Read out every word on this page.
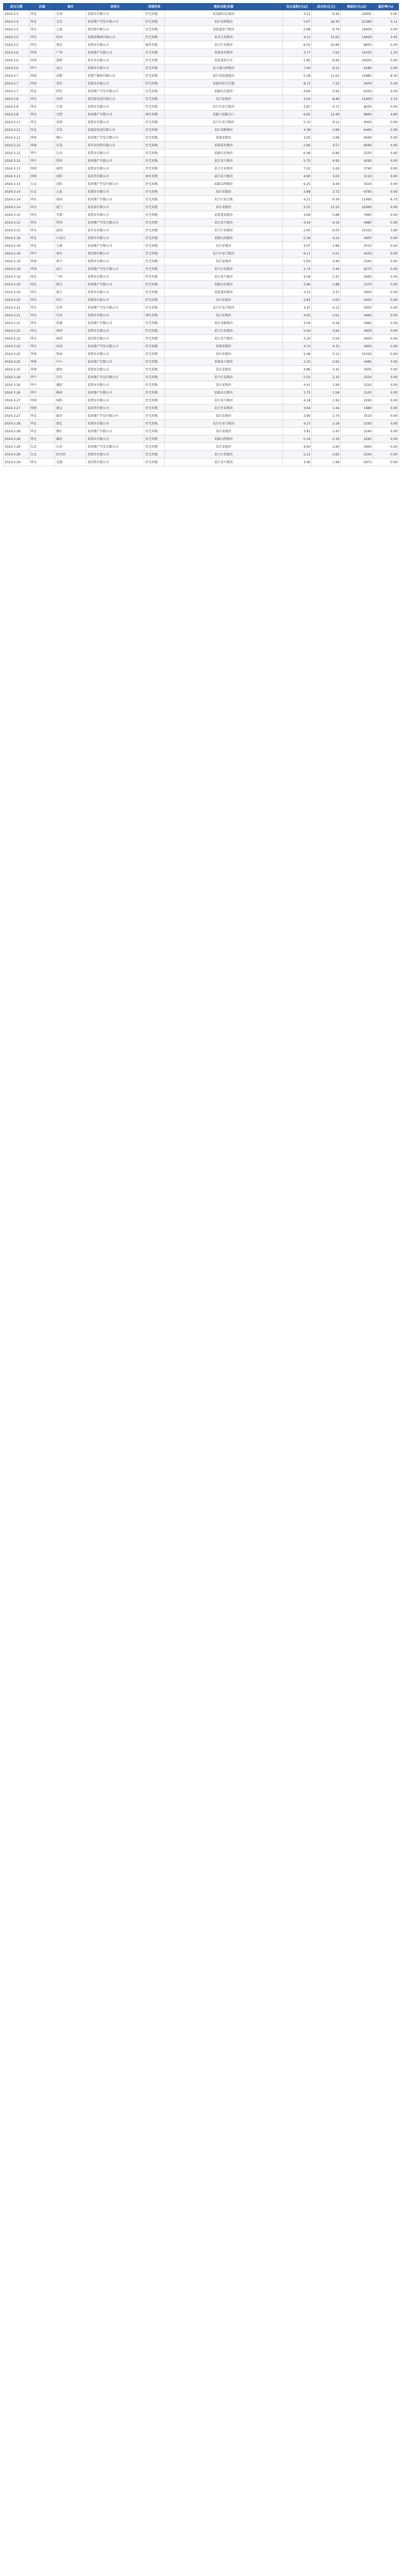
成交日期	区域	城市	竞得方	用地性质	地块名称/位置	出让面积(万㎡)	成交价(亿元)	楼面价(元/㎡)	溢价率(%)
2024.3.4	华北	天津	某置业有限公司	住宅用地	某某路以东地块	3.21	6.44	10005	0.00
2024.3.4	华北	北京	某房地产开发有限公司	住宅用地	某区某镇地块	5.67	18.30	22380	5.12
2024.3.5	华东	上海	某投资有限公司	住宅用地	某街道某号地块	2.98	9.76	16400	0.00
2024.3.5	华东	杭州	某建设集团有限公司	住宅用地	某单元某地块	4.12	12.05	14620	3.45
2024.3.5	华东	南京	某置业有限公司	商住用地	某片区某地块	6.03	10.80	8950	0.00
2024.3.6	华南	广州	某房地产有限公司	住宅用地	某镇某村地块	3.77	7.62	10105	1.20
2024.3.6	华南	深圳	某实业有限公司	住宅用地	某街道某片区	1.85	8.90	24050	0.00
2024.3.6	华中	武汉	某置业有限公司	住宅用地	某大道以南地块	7.40	9.15	6180	0.00
2024.3.7	西南	成都	某地产集团有限公司	住宅用地	某区某街道地块	5.29	11.62	10985	8.30
2024.3.7	西南	重庆	某置业有限公司	住宅用地	某组团某号宗地	8.15	7.33	4500	0.00
2024.3.7	西北	西安	某房地产开发有限公司	住宅用地	某路以北地块	4.66	5.92	6350	0.00
2024.3.8	华东	苏州	某投资发展有限公司	住宅用地	某区某地块	3.54	8.46	11950	2.15
2024.3.8	华东	宁波	某置业有限公司	住宅用地	某片区某号地块	2.87	4.71	8205	0.00
2024.3.8	华东	合肥	某房地产有限公司	商住用地	某路与某路交口	6.92	12.40	8960	4.60
2024.3.11	华北	济南	某置业有限公司	住宅用地	某片区某号地块	5.10	6.12	6000	0.00
2024.3.11	华北	青岛	某建设发展有限公司	住宅用地	某区某路地块	4.38	5.69	6495	0.00
2024.3.11	华南	佛山	某房地产开发有限公司	住宅用地	某镇某地块	3.02	3.98	6590	0.00
2024.3.12	华南	东莞	某实业投资有限公司	住宅用地	某镇某村地块	2.66	4.57	8590	0.00
2024.3.12	华中	长沙	某置业有限公司	住宅用地	某路以东地块	6.48	6.80	5250	0.00
2024.3.12	华中	郑州	某房地产有限公司	住宅用地	某区某号地块	5.75	4.93	4290	0.00
2024.3.13	西南	昆明	某置业有限公司	住宅用地	某片区某地块	7.02	5.26	3745	0.00
2024.3.13	西南	贵阳	某投资有限公司	商住用地	某区某号地块	4.90	3.05	3110	0.00
2024.3.13	东北	沈阳	某房地产开发有限公司	住宅用地	某路以西地块	6.25	4.40	3520	0.00
2024.3.14	东北	大连	某置业有限公司	住宅用地	某区某地块	3.88	3.72	4795	0.00
2024.3.14	华东	福州	某房地产有限公司	住宅用地	某片区某宗地	4.21	9.34	11095	6.70
2024.3.14	华东	厦门	某发展有限公司	住宅用地	某区某地块	2.55	13.10	25690	0.00
2024.3.15	华东	无锡	某置业有限公司	住宅用地	某街道某地块	3.69	5.88	7965	0.00
2024.3.15	华东	常州	某房地产开发有限公司	住宅用地	某区某号地块	4.44	4.16	4685	0.00
2024.3.15	华东	温州	某实业有限公司	住宅用地	某片区某地块	2.93	6.05	10325	3.90
2024.3.18	华北	石家庄	某置业有限公司	住宅用地	某路以南地块	5.36	4.22	3935	0.00
2024.3.18	华北	太原	某房地产有限公司	住宅用地	某区某地块	4.07	2.86	3515	0.00
2024.3.18	华中	南昌	某投资有限公司	住宅用地	某片区某号地块	6.11	5.01	4100	0.00
2024.3.19	华南	南宁	某置业有限公司	住宅用地	某区某地块	5.83	3.90	3345	0.00
2024.3.19	华南	海口	某房地产开发有限公司	住宅用地	某片区某地块	2.74	3.44	6275	0.00
2024.3.19	西北	兰州	某置业有限公司	住宅用地	某区某号地块	4.58	2.47	2695	0.00
2024.3.20	西北	银川	某房地产有限公司	住宅用地	某路以东地块	3.96	1.88	2375	0.00
2024.3.20	华东	嘉兴	某置业有限公司	住宅用地	某街道某地块	3.12	3.37	5400	0.00
2024.3.20	华东	绍兴	某建设有限公司	住宅用地	某区某地块	2.81	3.05	5425	0.00
2024.3.21	华东	金华	某房地产开发有限公司	住宅用地	某片区某号地块	3.47	4.12	5935	0.00
2024.3.21	华东	台州	某置业有限公司	商住用地	某区某地块	4.02	3.61	4490	0.00
2024.3.21	华东	南通	某房地产有限公司	住宅用地	某区某路地块	3.59	4.28	5960	0.00
2024.3.22	华东	徐州	某置业有限公司	住宅用地	某片区某地块	5.44	3.92	3600	0.00
2024.3.22	华东	扬州	某投资有限公司	住宅用地	某区某号地块	3.20	2.56	4000	0.00
2024.3.22	华东	泉州	某房地产开发有限公司	住宅用地	某镇某地块	4.73	4.35	4600	0.00
2024.3.25	华南	珠海	某置业有限公司	住宅用地	某区某地块	2.48	5.12	10320	0.00
2024.3.25	华南	中山	某房地产有限公司	住宅用地	某镇某号地块	3.33	2.92	4385	0.00
2024.3.25	华南	惠州	某置业有限公司	住宅用地	某区某地块	4.86	3.41	3505	0.00
2024.3.26	华中	宜昌	某房地产开发有限公司	住宅用地	某片区某地块	5.02	2.33	2320	0.00
2024.3.26	华中	襄阳	某置业有限公司	住宅用地	某区某地块	4.41	1.96	2220	0.00
2024.3.26	华中	株洲	某房地产有限公司	住宅用地	某路以北地块	3.75	1.58	2105	0.00
2024.3.27	西南	绵阳	某置业有限公司	住宅用地	某区某号地块	4.18	1.92	2295	0.00
2024.3.27	西南	遵义	某投资有限公司	住宅用地	某片区某地块	3.64	1.44	1980	0.00
2024.3.27	华北	廊坊	某房地产开发有限公司	住宅用地	某区某地块	3.90	2.74	3510	0.00
2024.3.28	华北	保定	某置业有限公司	住宅用地	某片区某号地块	4.27	2.18	2550	0.00
2024.3.28	华北	烟台	某房地产有限公司	住宅用地	某区某地块	3.81	2.47	3240	0.00
2024.3.28	华北	潍坊	某置业有限公司	住宅用地	某路以西地块	5.16	2.34	2265	0.00
2024.3.29	东北	长春	某房地产开发有限公司	住宅用地	某区某地块	4.93	2.90	2940	0.00
2024.3.29	东北	哈尔滨	某置业有限公司	住宅用地	某片区某地块	5.21	2.65	2545	0.00
2024.3.29	华东	芜湖	某投资有限公司	住宅用地	某区某号地块	3.46	1.99	2875	0.00
